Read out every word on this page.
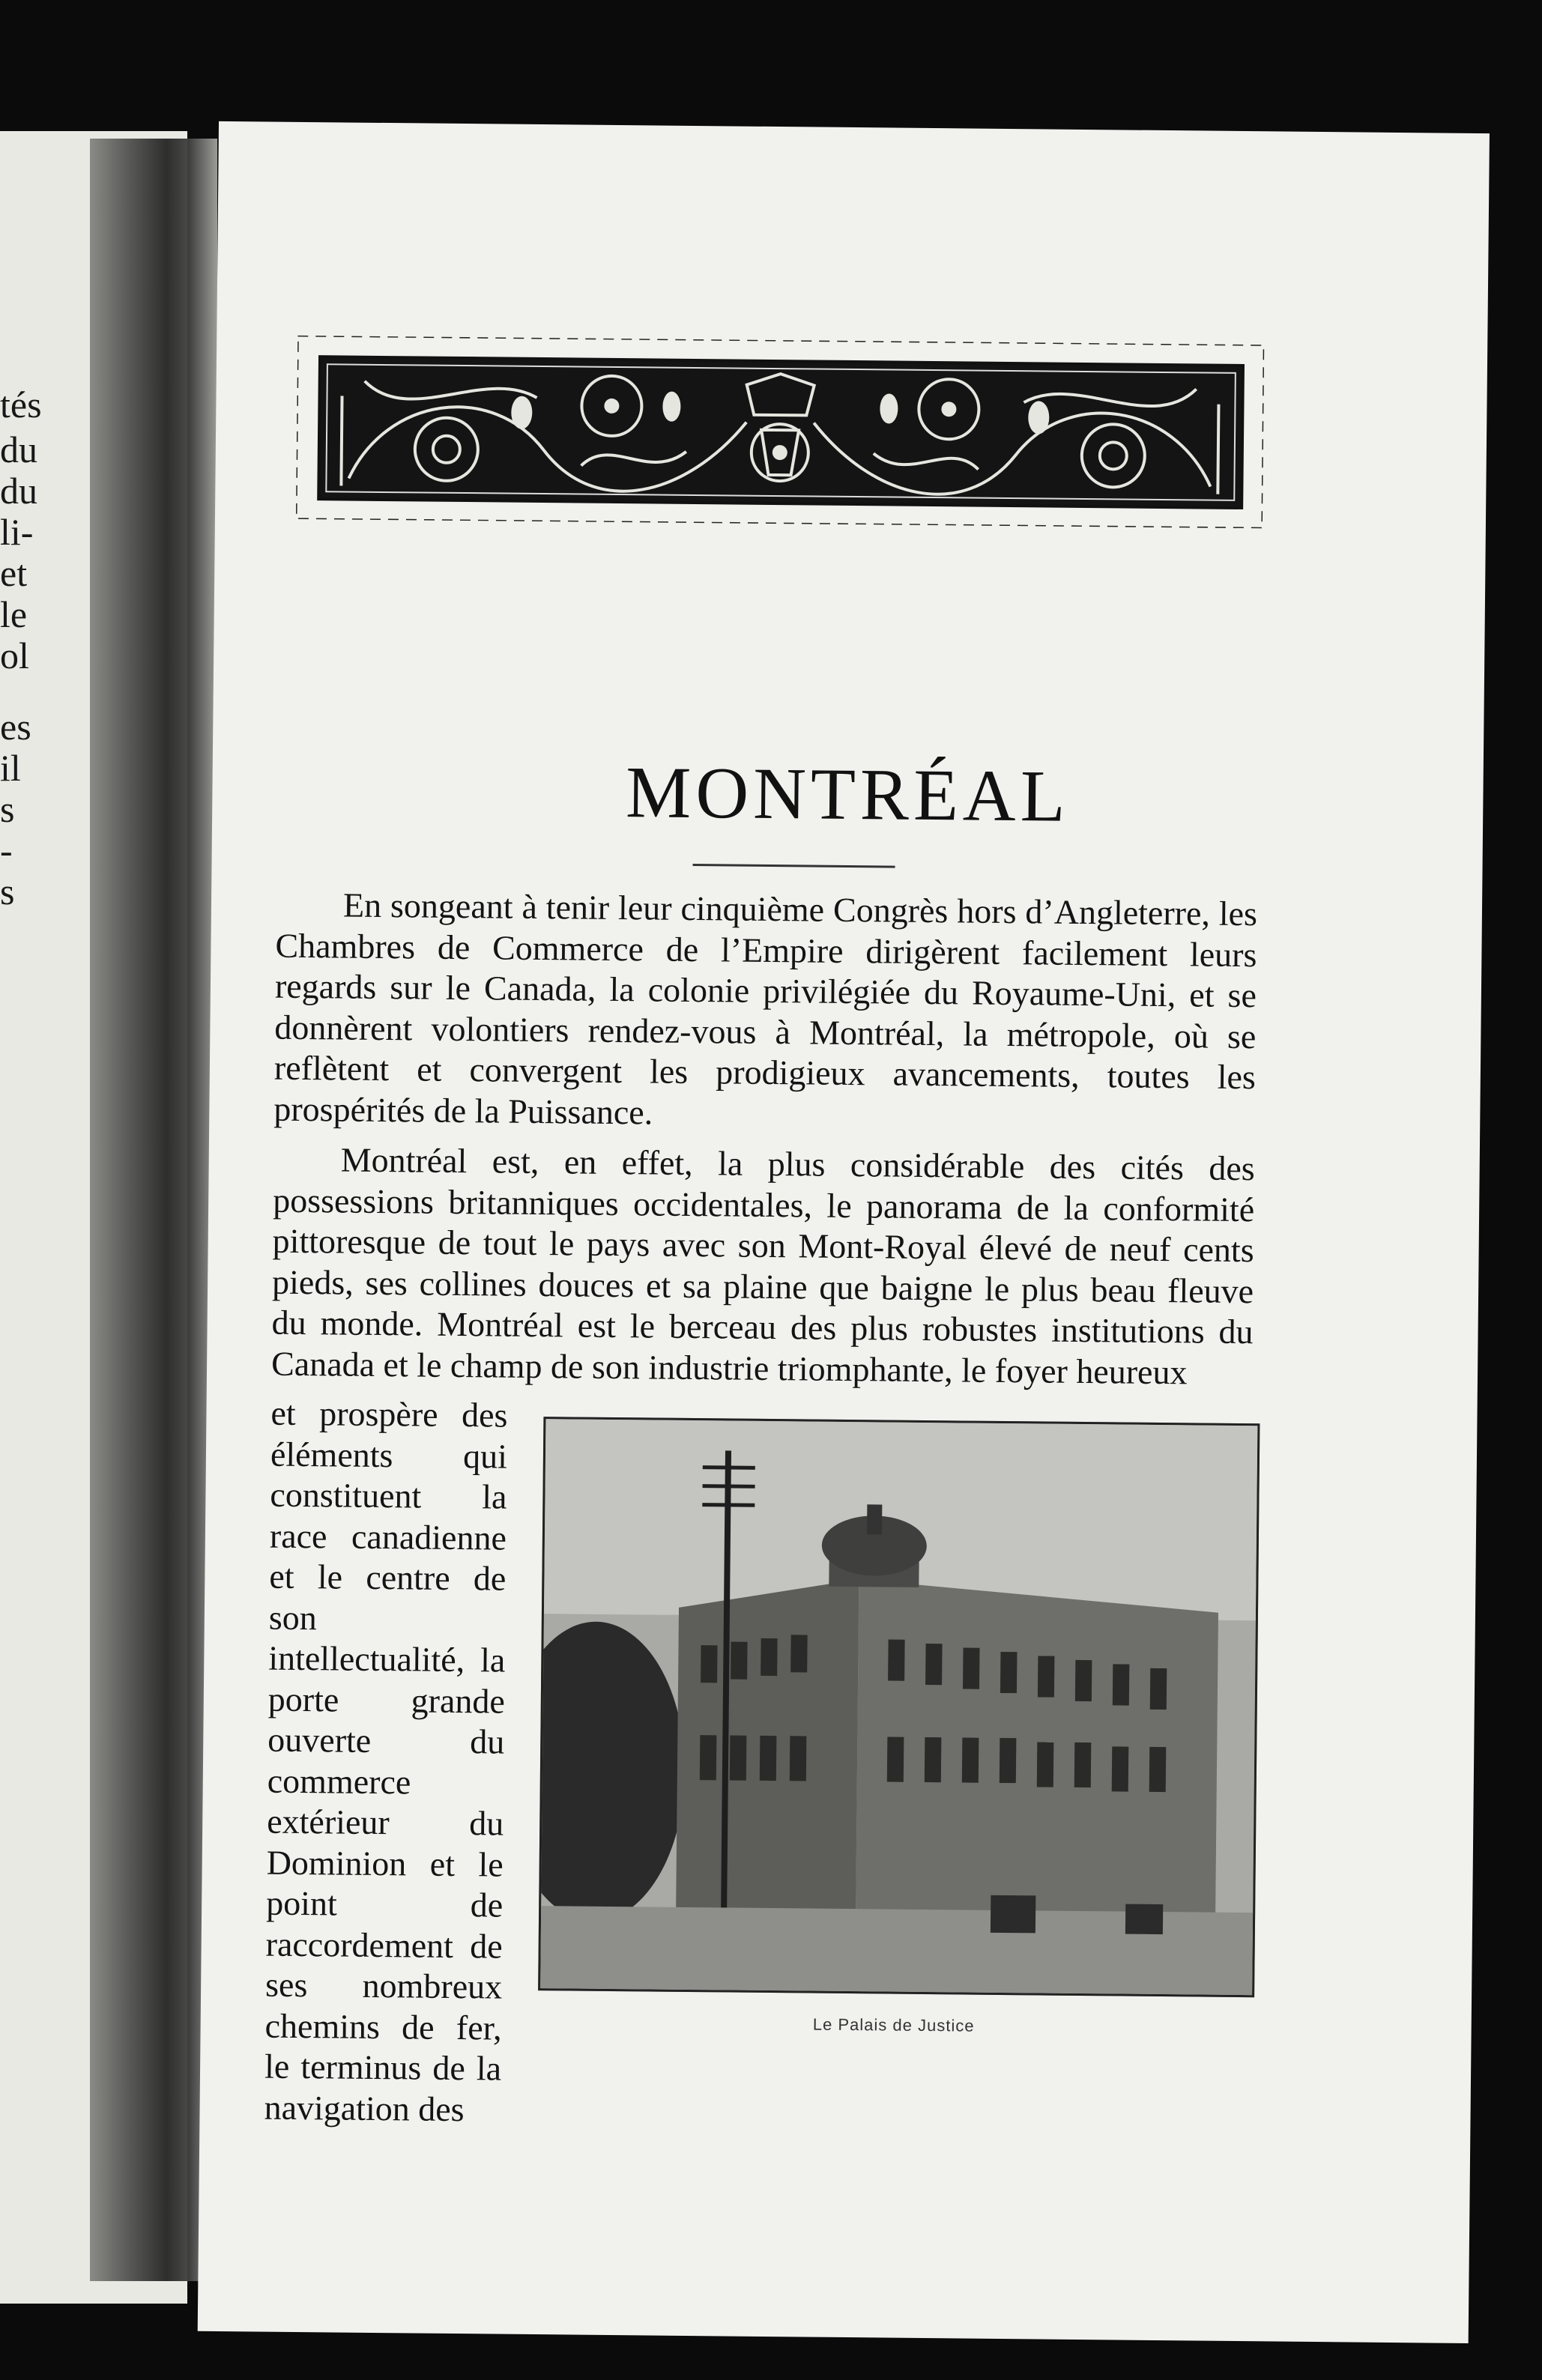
tés
du
du
li-
et
le
ol
es
il
s
-
s
MONTRÉAL

En songeant à tenir leur cinquième Congrès hors d’Angleterre, les Chambres de Commerce de l’Empire dirigèrent facilement leurs regards sur le Canada, la colonie privilégiée du Royaume-Uni, et se donnèrent volontiers rendez-vous à Montréal, la métropole, où se reflètent et convergent les prodigieux avancements, toutes les prospérités de la Puissance.

Montréal est, en effet, la plus considérable des cités des possessions britanniques occidentales, le panorama de la conformité pittoresque de tout le pays avec son Mont-Royal élevé de neuf cents pieds, ses collines douces et sa plaine que baigne le plus beau fleuve du monde. Montréal est le berceau des plus robustes institutions du Canada et le champ de son industrie triomphante, le foyer heureux

et prospère des éléments qui constituent la race canadienne et le centre de son intellectualité, la porte grande ouverte du commerce extérieur du Dominion et le point de raccordement de ses nombreux chemins de fer, le terminus de la navigation des

Le Palais de Justice
